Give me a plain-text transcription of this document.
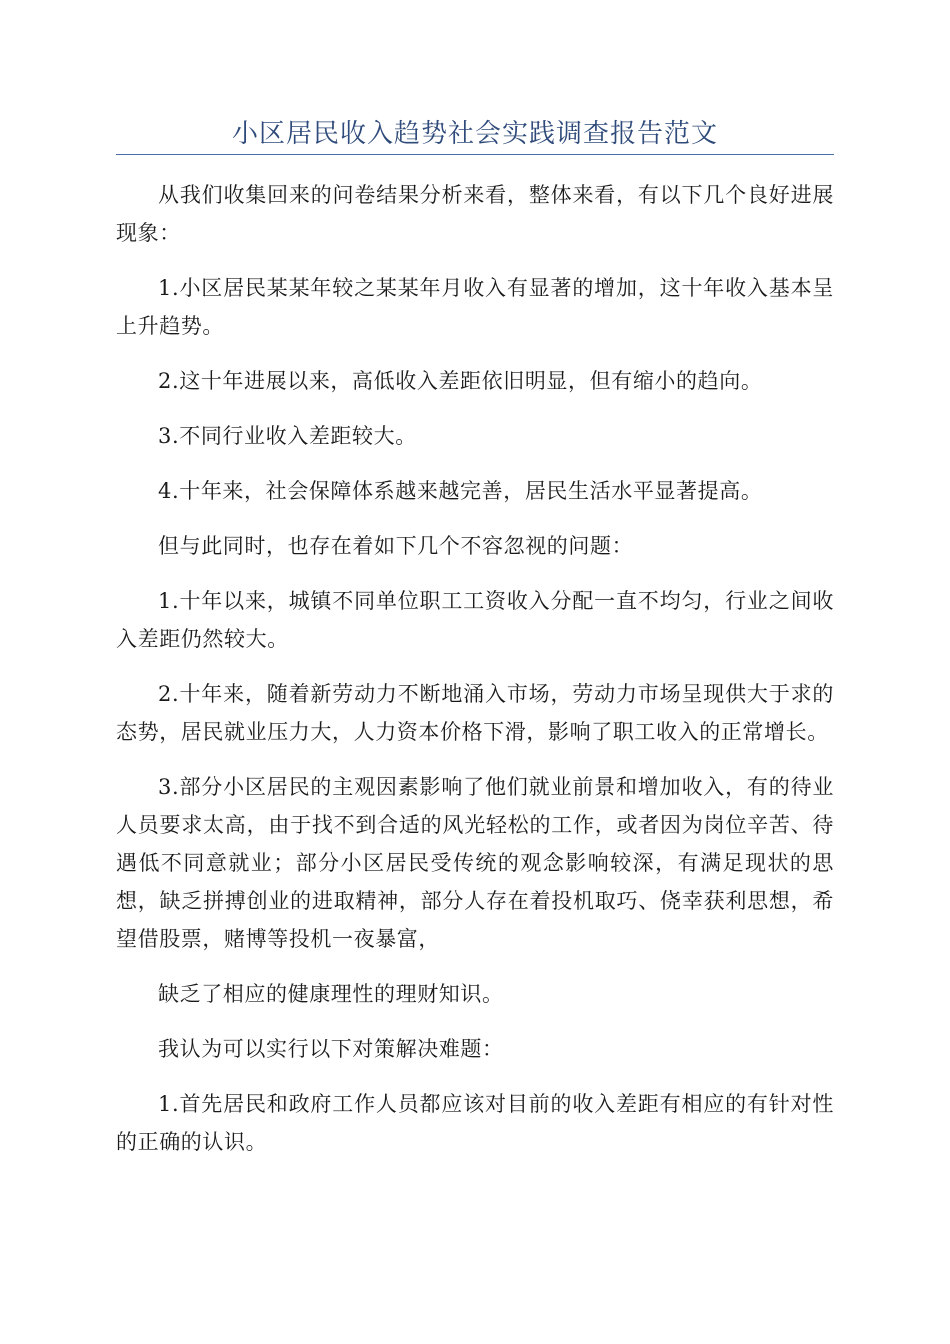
小区居民收入趋势社会实践调查报告范文

从我们收集回来的问卷结果分析来看，整体来看，有以下几个良好进展现象：

1.小区居民某某年较之某某年月收入有显著的增加，这十年收入基本呈上升趋势。

2.这十年进展以来，高低收入差距依旧明显，但有缩小的趋向。

3.不同行业收入差距较大。

4.十年来，社会保障体系越来越完善，居民生活水平显著提高。

但与此同时，也存在着如下几个不容忽视的问题：

1.十年以来，城镇不同单位职工工资收入分配一直不均匀，行业之间收入差距仍然较大。

2.十年来，随着新劳动力不断地涌入市场，劳动力市场呈现供大于求的态势，居民就业压力大，人力资本价格下滑，影响了职工收入的正常增长。

3.部分小区居民的主观因素影响了他们就业前景和增加收入，有的待业人员要求太高，由于找不到合适的风光轻松的工作，或者因为岗位辛苦、待遇低不同意就业；部分小区居民受传统的观念影响较深，有满足现状的思想，缺乏拼搏创业的进取精神，部分人存在着投机取巧、侥幸获利思想，希望借股票，赌博等投机一夜暴富，

缺乏了相应的健康理性的理财知识。

我认为可以实行以下对策解决难题：

1.首先居民和政府工作人员都应该对目前的收入差距有相应的有针对性的正确的认识。
